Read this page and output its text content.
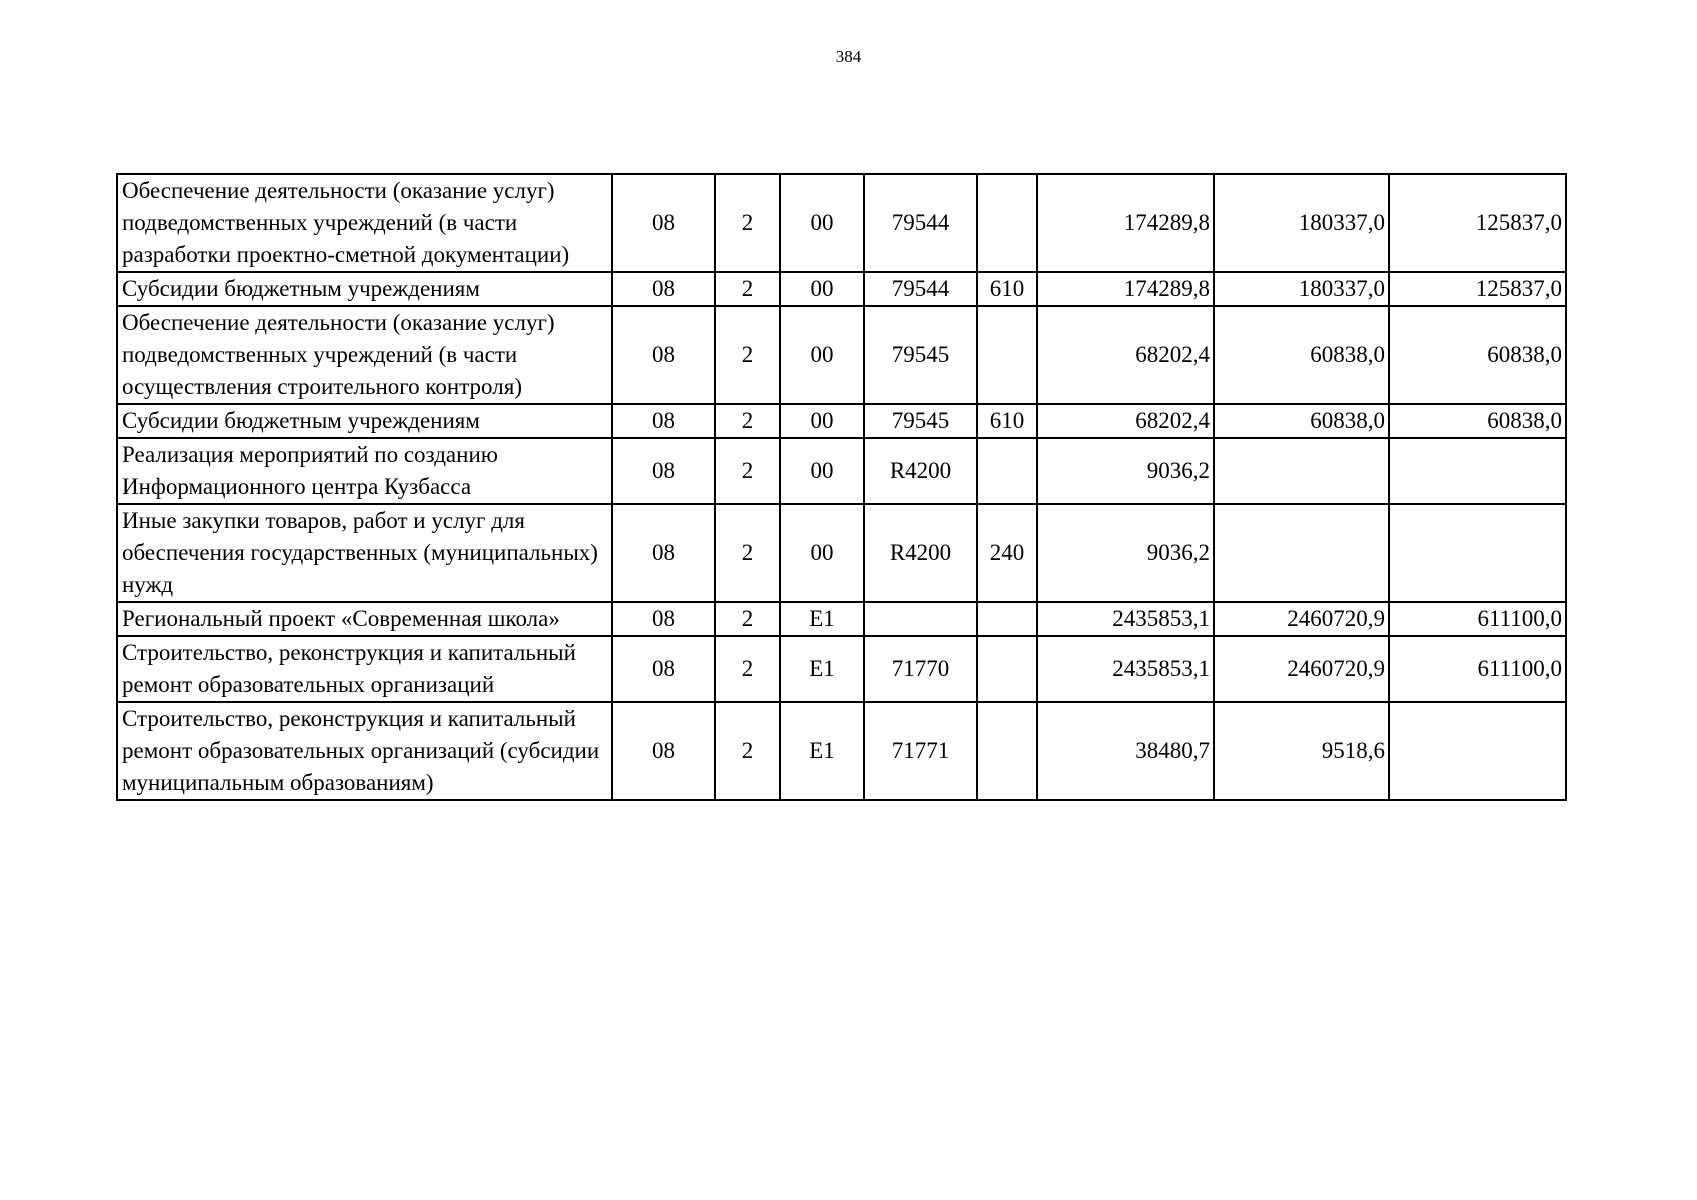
384
Обеспечение деятельности (оказание услуг) подведомственных учреждений (в части разработки проектно-сметной документации)	08	2	00	79544		174289,8	180337,0	125837,0
Субсидии бюджетным учреждениям	08	2	00	79544	610	174289,8	180337,0	125837,0
Обеспечение деятельности (оказание услуг) подведомственных учреждений (в части осуществления строительного контроля)	08	2	00	79545		68202,4	60838,0	60838,0
Субсидии бюджетным учреждениям	08	2	00	79545	610	68202,4	60838,0	60838,0
Реализация мероприятий по созданию Информационного центра Кузбасса	08	2	00	R4200		9036,2		
Иные закупки товаров, работ и услуг для обеспечения государственных (муниципальных) нужд	08	2	00	R4200	240	9036,2		
Региональный проект «Современная школа»	08	2	E1			2435853,1	2460720,9	611100,0
Строительство, реконструкция и капитальный ремонт образовательных организаций	08	2	E1	71770		2435853,1	2460720,9	611100,0
Строительство, реконструкция и капитальный ремонт образовательных организаций (субсидии муниципальным образованиям)	08	2	E1	71771		38480,7	9518,6	
